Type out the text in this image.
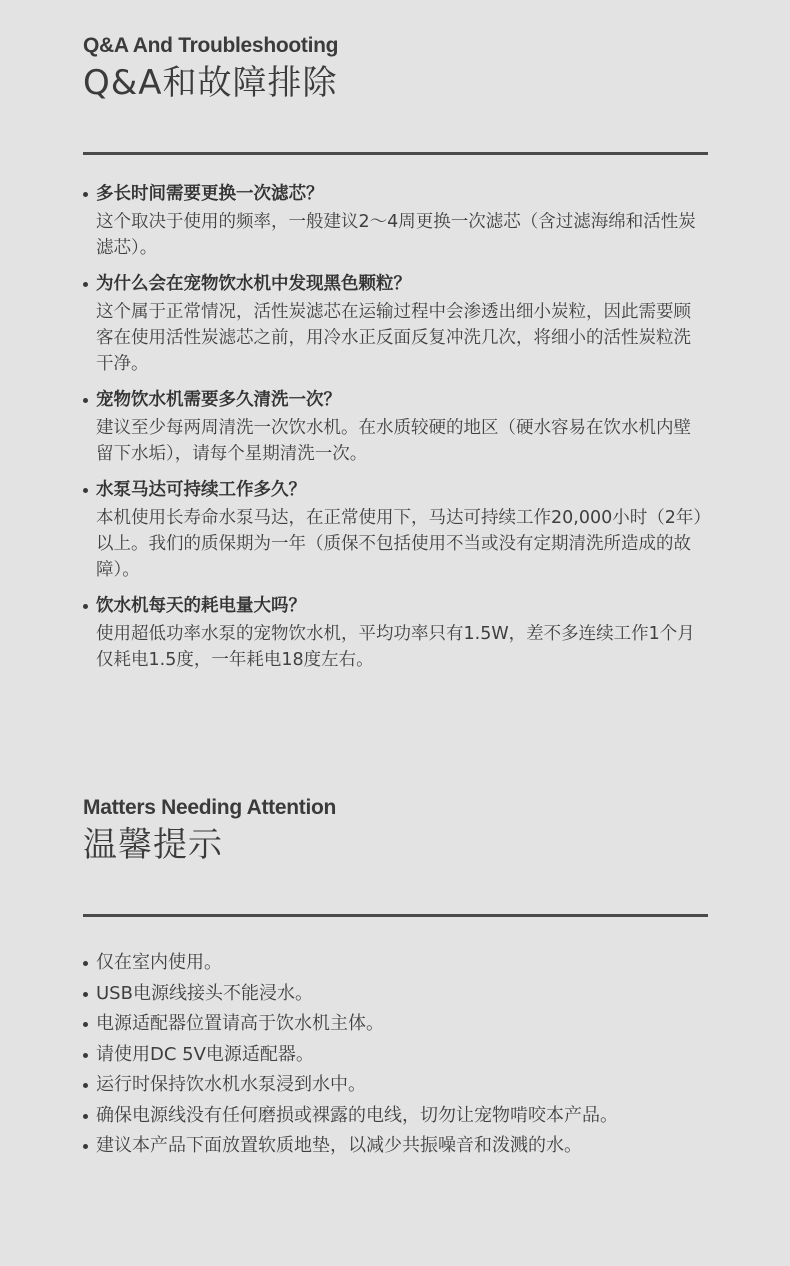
Q&A And Troubleshooting
Q&A和故障排除
多长时间需要更换一次滤芯？
这个取决于使用的频率，一般建议2～4周更换一次滤芯（含过滤海绵和活性炭滤芯）。
为什么会在宠物饮水机中发现黑色颗粒？
这个属于正常情况，活性炭滤芯在运输过程中会渗透出细小炭粒，因此需要顾客在使用活性炭滤芯之前，用冷水正反面反复冲洗几次，将细小的活性炭粒洗干净。
宠物饮水机需要多久清洗一次？
建议至少每两周清洗一次饮水机。在水质较硬的地区（硬水容易在饮水机内壁留下水垢），请每个星期清洗一次。
水泵马达可持续工作多久？
本机使用长寿命水泵马达，在正常使用下，马达可持续工作20,000小时（2年）以上。我们的质保期为一年（质保不包括使用不当或没有定期清洗所造成的故障）。
饮水机每天的耗电量大吗？
使用超低功率水泵的宠物饮水机，平均功率只有1.5W，差不多连续工作1个月仅耗电1.5度，一年耗电18度左右。
Matters Needing Attention
温馨提示
仅在室内使用。
USB电源线接头不能浸水。
电源适配器位置请高于饮水机主体。
请使用DC 5V电源适配器。
运行时保持饮水机水泵浸到水中。
确保电源线没有任何磨损或裸露的电线，切勿让宠物啃咬本产品。
建议本产品下面放置软质地垫，以减少共振噪音和泼溅的水。
